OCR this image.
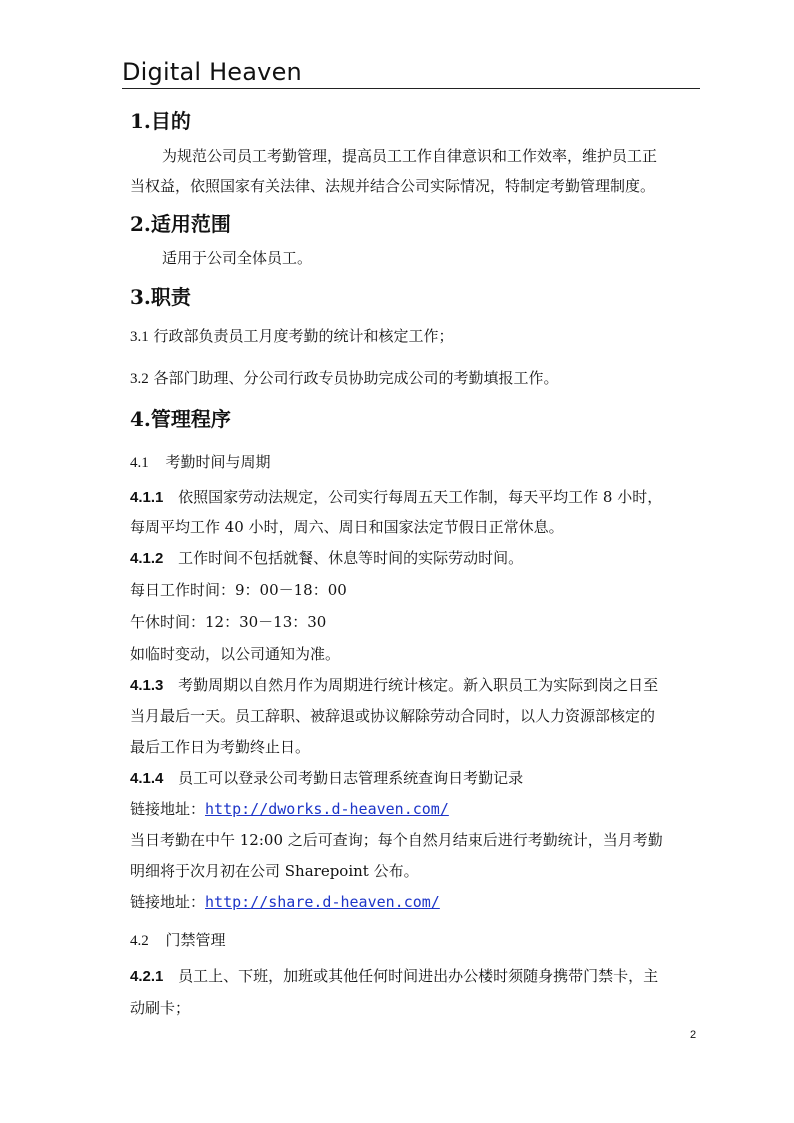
Digital Heaven
1.目的
为规范公司员工考勤管理，提高员工工作自律意识和工作效率，维护员工正
当权益，依照国家有关法律、法规并结合公司实际情况，特制定考勤管理制度。
2.适用范围
适用于公司全体员工。
3.职责
3.1 行政部负责员工月度考勤的统计和核定工作；
3.2 各部门助理、分公司行政专员协助完成公司的考勤填报工作。
4.管理程序
4.1 考勤时间与周期
4.1.1 依照国家劳动法规定，公司实行每周五天工作制，每天平均工作 8 小时，
每周平均工作 40 小时，周六、周日和国家法定节假日正常休息。
4.1.2 工作时间不包括就餐、休息等时间的实际劳动时间。
每日工作时间：9：00－18：00
午休时间：12：30－13：30
如临时变动，以公司通知为准。
4.1.3 考勤周期以自然月作为周期进行统计核定。新入职员工为实际到岗之日至
当月最后一天。员工辞职、被辞退或协议解除劳动合同时，以人力资源部核定的
最后工作日为考勤终止日。
4.1.4 员工可以登录公司考勤日志管理系统查询日考勤记录
链接地址：http://dworks.d-heaven.com/
当日考勤在中午 12:00 之后可查询；每个自然月结束后进行考勤统计，当月考勤
明细将于次月初在公司 Sharepoint 公布。
链接地址：http://share.d-heaven.com/
4.2 门禁管理
4.2.1 员工上、下班，加班或其他任何时间进出办公楼时须随身携带门禁卡，主
动刷卡；
2
